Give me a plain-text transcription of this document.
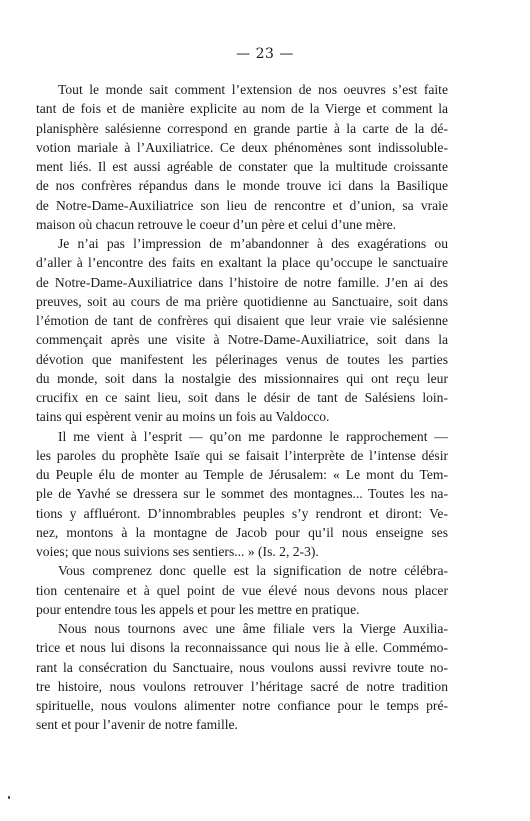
— 23 —
Tout le monde sait comment l’extension de nos oeuvres s’est faite
tant de fois et de manière explicite au nom de la Vierge et comment la
planisphère salésienne correspond en grande partie à la carte de la dé-
votion mariale à l’Auxiliatrice. Ce deux phénomènes sont indissoluble-
ment liés. Il est aussi agréable de constater que la multitude croissante
de nos confrères répandus dans le monde trouve ici dans la Basilique
de Notre-Dame-Auxiliatrice son lieu de rencontre et d’union, sa vraie
maison où chacun retrouve le coeur d’un père et celui d’une mère.
Je n’ai pas l’impression de m’abandonner à des exagérations ou
d’aller à l’encontre des faits en exaltant la place qu’occupe le sanctuaire
de Notre-Dame-Auxiliatrice dans l’histoire de notre famille. J’en ai des
preuves, soit au cours de ma prière quotidienne au Sanctuaire, soit dans
l’émotion de tant de confrères qui disaient que leur vraie vie salésienne
commençait après une visite à Notre-Dame-Auxiliatrice, soit dans la
dévotion que manifestent les pélerinages venus de toutes les parties
du monde, soit dans la nostalgie des missionnaires qui ont reçu leur
crucifix en ce saint lieu, soit dans le désir de tant de Salésiens loin-
tains qui espèrent venir au moins un fois au Valdocco.
Il me vient à l’esprit — qu’on me pardonne le rapprochement —
les paroles du prophète Isaïe qui se faisait l’interprète de l’intense désir
du Peuple élu de monter au Temple de Jérusalem: « Le mont du Tem-
ple de Yavhé se dressera sur le sommet des montagnes... Toutes les na-
tions y affluéront. D’innombrables peuples s’y rendront et diront: Ve-
nez, montons à la montagne de Jacob pour qu’il nous enseigne ses
voies; que nous suivions ses sentiers... » (Is. 2, 2-3).
Vous comprenez donc quelle est la signification de notre célébra-
tion centenaire et à quel point de vue élevé nous devons nous placer
pour entendre tous les appels et pour les mettre en pratique.
Nous nous tournons avec une âme filiale vers la Vierge Auxilia-
trice et nous lui disons la reconnaissance qui nous lie à elle. Commémo-
rant la consécration du Sanctuaire, nous voulons aussi revivre toute no-
tre histoire, nous voulons retrouver l’héritage sacré de notre tradition
spirituelle, nous voulons alimenter notre confiance pour le temps pré-
sent et pour l’avenir de notre famille.
